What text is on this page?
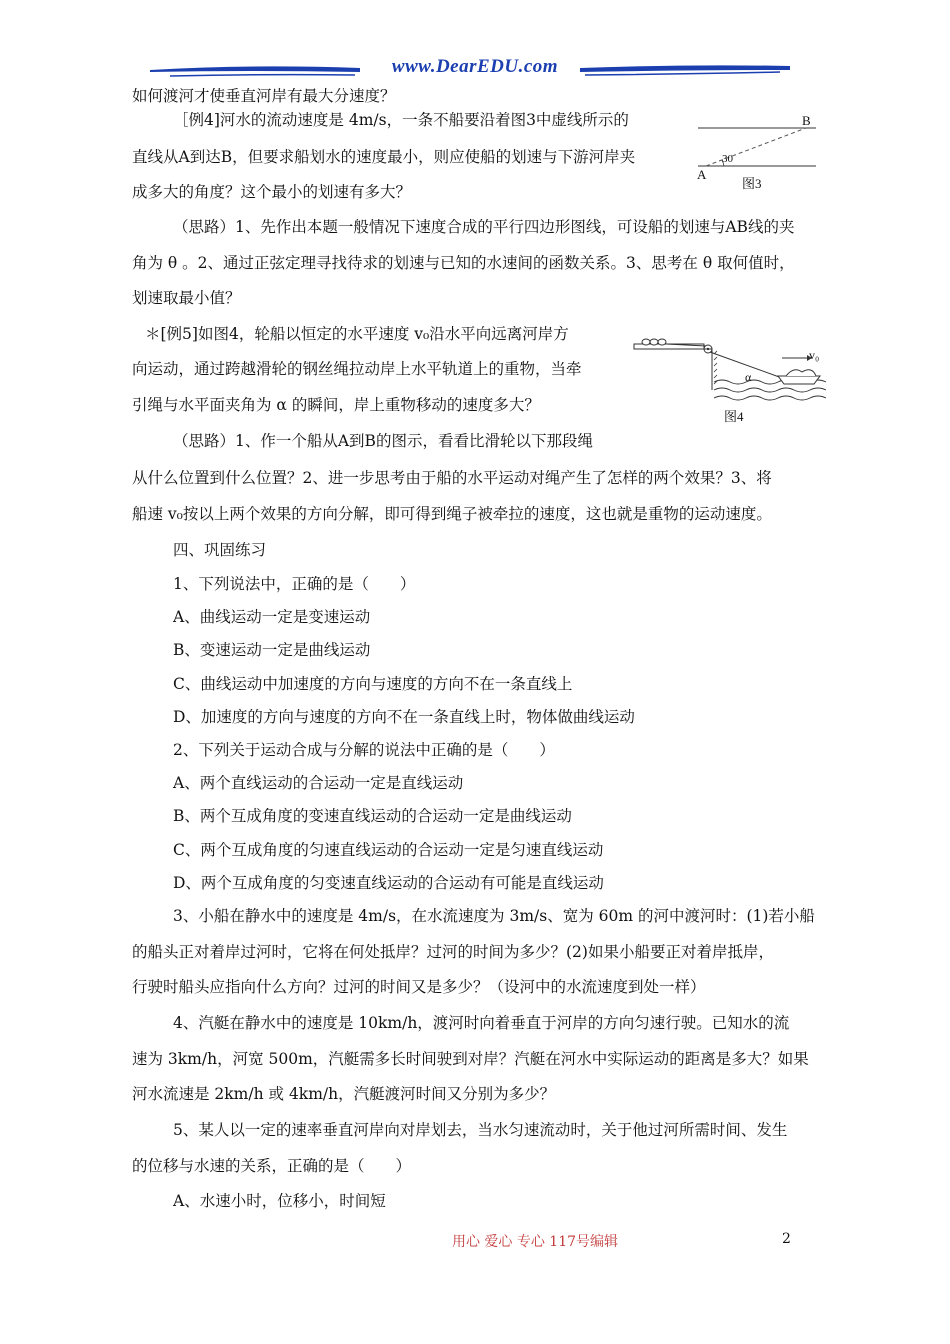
www.DearEDU.com
如何渡河才使垂直河岸有最大分速度？
［例4]河水的流动速度是 4m/s，一条不船要沿着图3中虚线所示的
直线从A到达B，但要求船划水的速度最小，则应使船的划速与下游河岸夹
成多大的角度？这个最小的划速有多大？
（思路）1、先作出本题一般情况下速度合成的平行四边形图线，可设船的划速与AB线的夹
角为 θ 。2、通过正弦定理寻找待求的划速与已知的水速间的函数关系。3、思考在 θ 取何值时，
划速取最小值？
＊[例5]如图4，轮船以恒定的水平速度 v₀沿水平向远离河岸方
向运动，通过跨越滑轮的钢丝绳拉动岸上水平轨道上的重物，当牵
引绳与水平面夹角为 α 的瞬间，岸上重物移动的速度多大？
（思路）1、作一个船从A到B的图示，看看比滑轮以下那段绳
从什么位置到什么位置？2、进一步思考由于船的水平运动对绳产生了怎样的两个效果？3、将
船速 v₀按以上两个效果的方向分解，即可得到绳子被牵拉的速度，这也就是重物的运动速度。
四、巩固练习
1、下列说法中，正确的是（　　）
A、曲线运动一定是变速运动
B、变速运动一定是曲线运动
C、曲线运动中加速度的方向与速度的方向不在一条直线上
D、加速度的方向与速度的方向不在一条直线上时，物体做曲线运动
2、下列关于运动合成与分解的说法中正确的是（　　）
A、两个直线运动的合运动一定是直线运动
B、两个互成角度的变速直线运动的合运动一定是曲线运动
C、两个互成角度的匀速直线运动的合运动一定是匀速直线运动
D、两个互成角度的匀变速直线运动的合运动有可能是直线运动
3、小船在静水中的速度是 4m/s，在水流速度为 3m/s、宽为 60m 的河中渡河时：(1)若小船
的船头正对着岸过河时，它将在何处抵岸？过河的时间为多少？(2)如果小船要正对着岸抵岸，
行驶时船头应指向什么方向？过河的时间又是多少？（设河中的水流速度到处一样）
4、汽艇在静水中的速度是 10km/h，渡河时向着垂直于河岸的方向匀速行驶。已知水的流
速为 3km/h，河宽 500m，汽艇需多长时间驶到对岸？汽艇在河水中实际运动的距离是多大？如果
河水流速是 2km/h 或 4km/h，汽艇渡河时间又分别为多少？
5、某人以一定的速率垂直河岸向对岸划去，当水匀速流动时，关于他过河所需时间、发生
的位移与水速的关系，正确的是（　　）
A、水速小时，位移小，时间短
B
A
30
图3
v₀
α
图4
用心 爱心 专心 117号编辑	2
